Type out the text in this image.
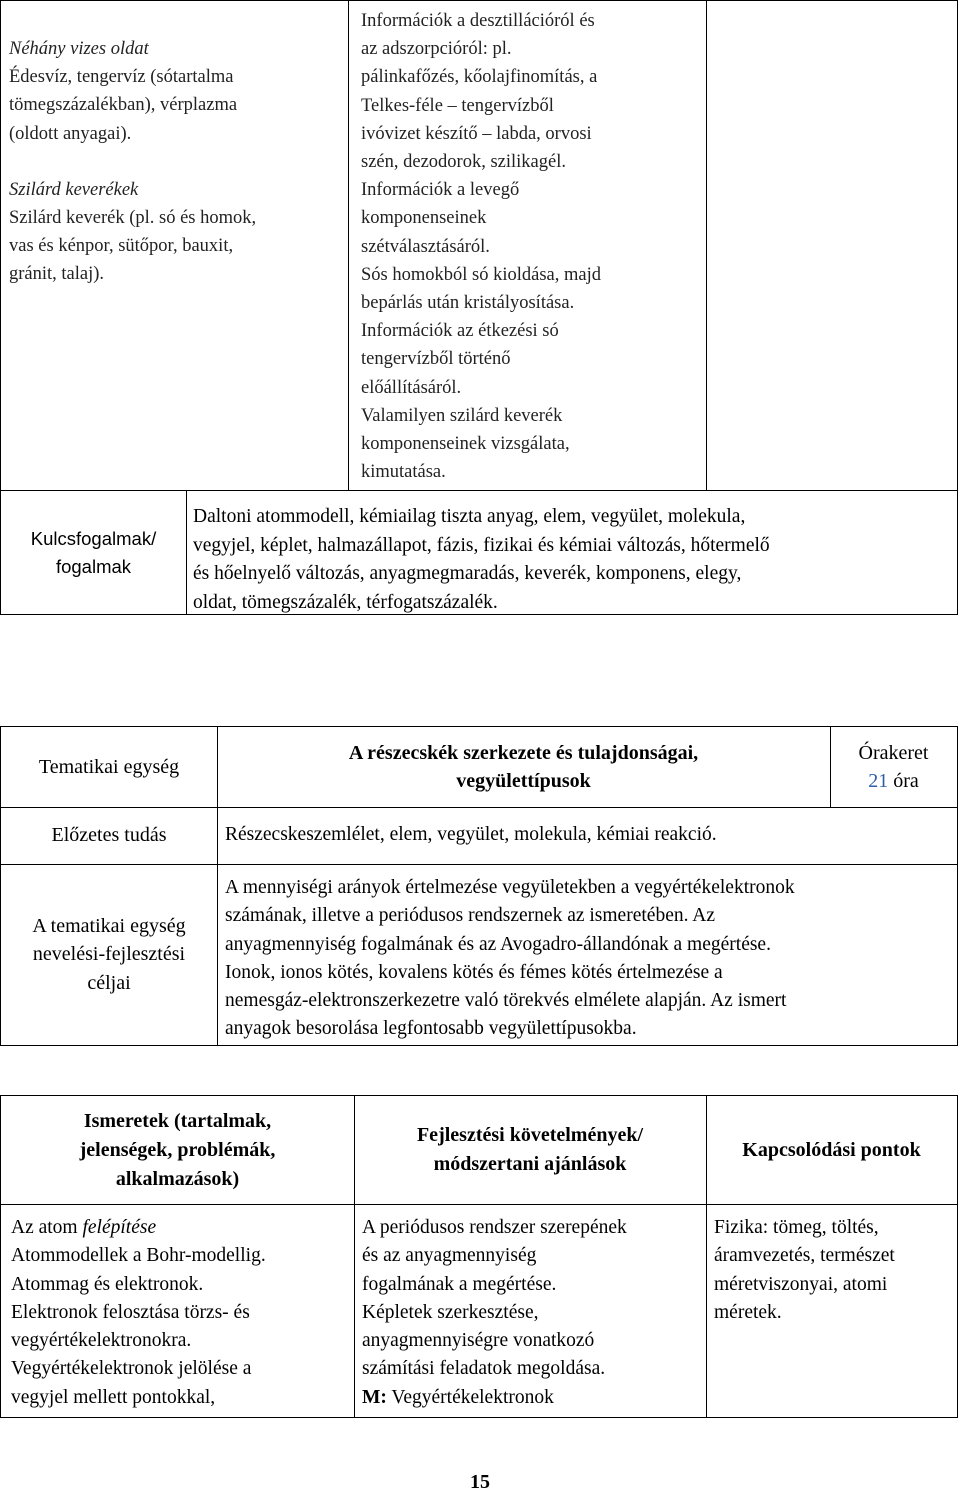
Néhány vizes oldat
Édesvíz, tengervíz (sótartalma
tömegszázalékban), vérplazma
(oldott anyagai).
Szilárd keverékek
Szilárd keverék (pl. só és homok,
vas és kénpor, sütőpor, bauxit,
gránit, talaj).
Információk a desztillációról és
az adszorpcióról: pl.
pálinkafőzés, kőolajfinomítás, a
Telkes-féle – tengervízből
ivóvizet készítő – labda, orvosi
szén, dezodorok, szilikagél.
Információk a levegő
komponenseinek
szétválasztásáról.
Sós homokból só kioldása, majd
bepárlás után kristályosítása.
Információk az étkezési só
tengervízből történő
előállításáról.
Valamilyen szilárd keverék
komponenseinek vizsgálata,
kimutatása.
Kulcsfogalmak/
fogalmak
Daltoni atommodell, kémiailag tiszta anyag, elem, vegyület, molekula,
vegyjel, képlet, halmazállapot, fázis, fizikai és kémiai változás, hőtermelő
és hőelnyelő változás, anyagmegmaradás, keverék, komponens, elegy,
oldat, tömegszázalék, térfogatszázalék.
Tematikai egység
A részecskék szerkezete és tulajdonságai,
vegyülettípusok
Órakeret
21 óra
Előzetes tudás	Részecskeszemlélet, elem, vegyület, molekula, kémiai reakció.
A tematikai egység
nevelési-fejlesztési
céljai
A mennyiségi arányok értelmezése vegyületekben a vegyértékelektronok
számának, illetve a periódusos rendszernek az ismeretében. Az
anyagmennyiség fogalmának és az Avogadro-állandónak a megértése.
Ionok, ionos kötés, kovalens kötés és fémes kötés értelmezése a
nemesgáz-elektronszerkezetre való törekvés elmélete alapján. Az ismert
anyagok besorolása legfontosabb vegyülettípusokba.
Ismeretek (tartalmak,
jelenségek, problémák,
alkalmazások)
Fejlesztési követelmények/
módszertani ajánlások
Kapcsolódási pontok
Az atom felépítése
Atommodellek a Bohr-modellig.
Atommag és elektronok.
Elektronok felosztása törzs- és
vegyértékelektronokra.
Vegyértékelektronok jelölése a
vegyjel mellett pontokkal,
A periódusos rendszer szerepének
és az anyagmennyiség
fogalmának a megértése.
Képletek szerkesztése,
anyagmennyiségre vonatkozó
számítási feladatok megoldása.
M: Vegyértékelektronok
Fizika: tömeg, töltés,
áramvezetés, természet
méretviszonyai, atomi
méretek.
15
